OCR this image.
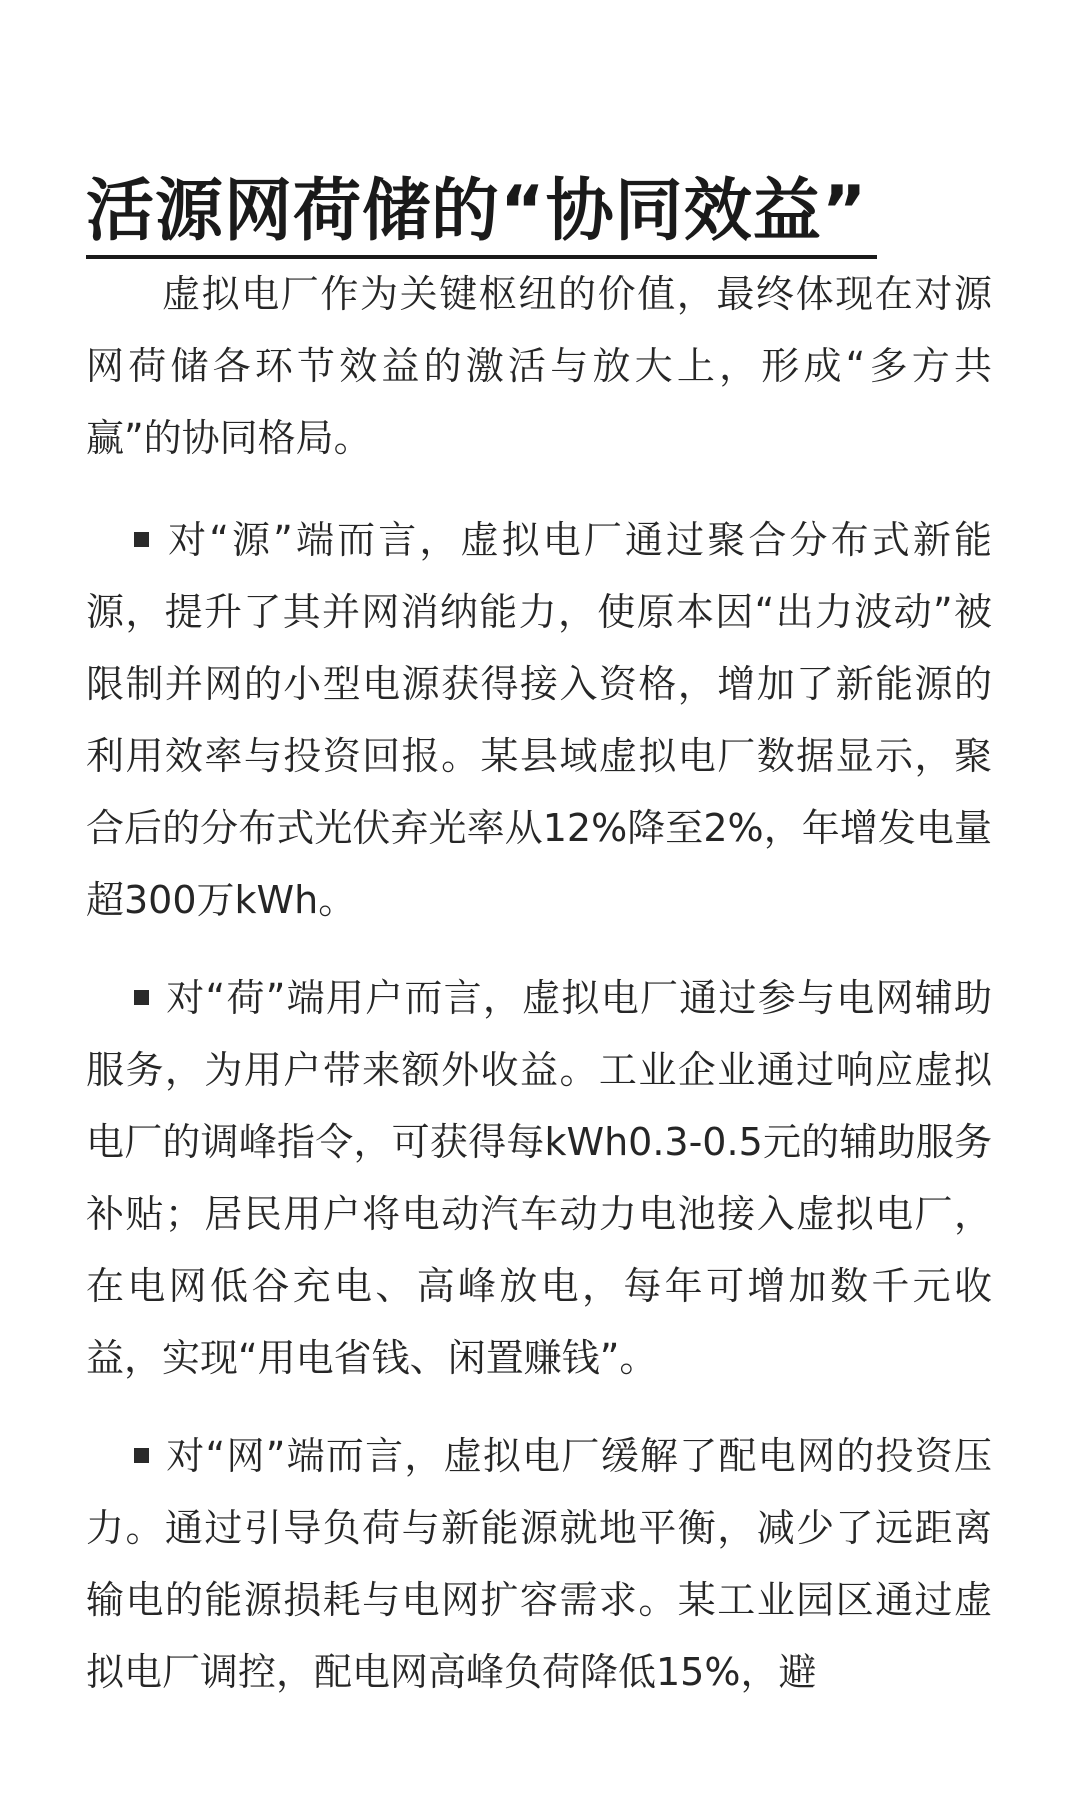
活源网荷储的“协同效益”

虚拟电厂作为关键枢纽的价值，最终体现在对源网荷储各环节效益的激活与放大上，形成“多方共赢”的协同格局。

对“源”端而言，虚拟电厂通过聚合分布式新能源，提升了其并网消纳能力，使原本因“出力波动”被限制并网的小型电源获得接入资格，增加了新能源的利用效率与投资回报。某县域虚拟电厂数据显示，聚合后的分布式光伏弃光率从12%降至2%，年增发电量超300万kWh。

对“荷”端用户而言，虚拟电厂通过参与电网辅助服务，为用户带来额外收益。工业企业通过响应虚拟电厂的调峰指令，可获得每kWh0.3-0.5元的辅助服务补贴；居民用户将电动汽车动力电池接入虚拟电厂，在电网低谷充电、高峰放电，每年可增加数千元收益，实现“用电省钱、闲置赚钱”。

对“网”端而言，虚拟电厂缓解了配电网的投资压力。通过引导负荷与新能源就地平衡，减少了远距离输电的能源损耗与电网扩容需求。某工业园区通过虚拟电厂调控，配电网高峰负荷降低15%，避
